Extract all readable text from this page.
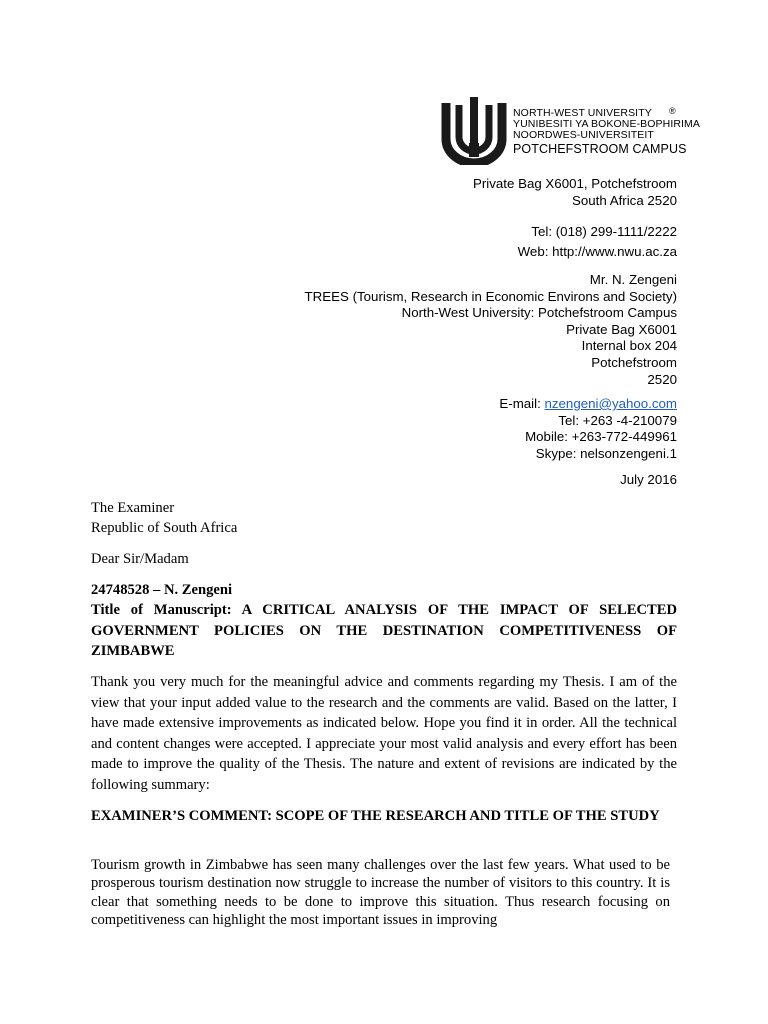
NORTH-WEST UNIVERSITY
YUNIBESITI YA BOKONE-BOPHIRIMA
NOORDWES-UNIVERSITEIT
POTCHEFSTROOM CAMPUS
®
Private Bag X6001, Potchefstroom
South Africa 2520
Tel: (018) 299-1111/2222
Web: http://www.nwu.ac.za
Mr. N. Zengeni
TREES (Tourism, Research in Economic Environs and Society)
North-West University: Potchefstroom Campus
Private Bag X6001
Internal box 204
Potchefstroom
2520
E-mail: nzengeni@yahoo.com
Tel: +263 -4-210079
Mobile: +263-772-449961
Skype: nelsonzengeni.1
July 2016
The Examiner
Republic of South Africa
Dear Sir/Madam
24748528 – N. Zengeni
Title of Manuscript: A CRITICAL ANALYSIS OF THE IMPACT OF SELECTED GOVERNMENT POLICIES ON THE DESTINATION COMPETITIVENESS OF ZIMBABWE
Thank you very much for the meaningful advice and comments regarding my Thesis. I am of the view that your input added value to the research and the comments are valid. Based on the latter, I have made extensive improvements as indicated below. Hope you find it in order. All the technical and content changes were accepted. I appreciate your most valid analysis and every effort has been made to improve the quality of the Thesis. The nature and extent of revisions are indicated by the following summary:
EXAMINER’S COMMENT: SCOPE OF THE RESEARCH AND TITLE OF THE STUDY
Tourism growth in Zimbabwe has seen many challenges over the last few years. What used to be prosperous tourism destination now struggle to increase the number of visitors to this country. It is clear that something needs to be done to improve this situation. Thus research focusing on competitiveness can highlight the most important issues in improving
